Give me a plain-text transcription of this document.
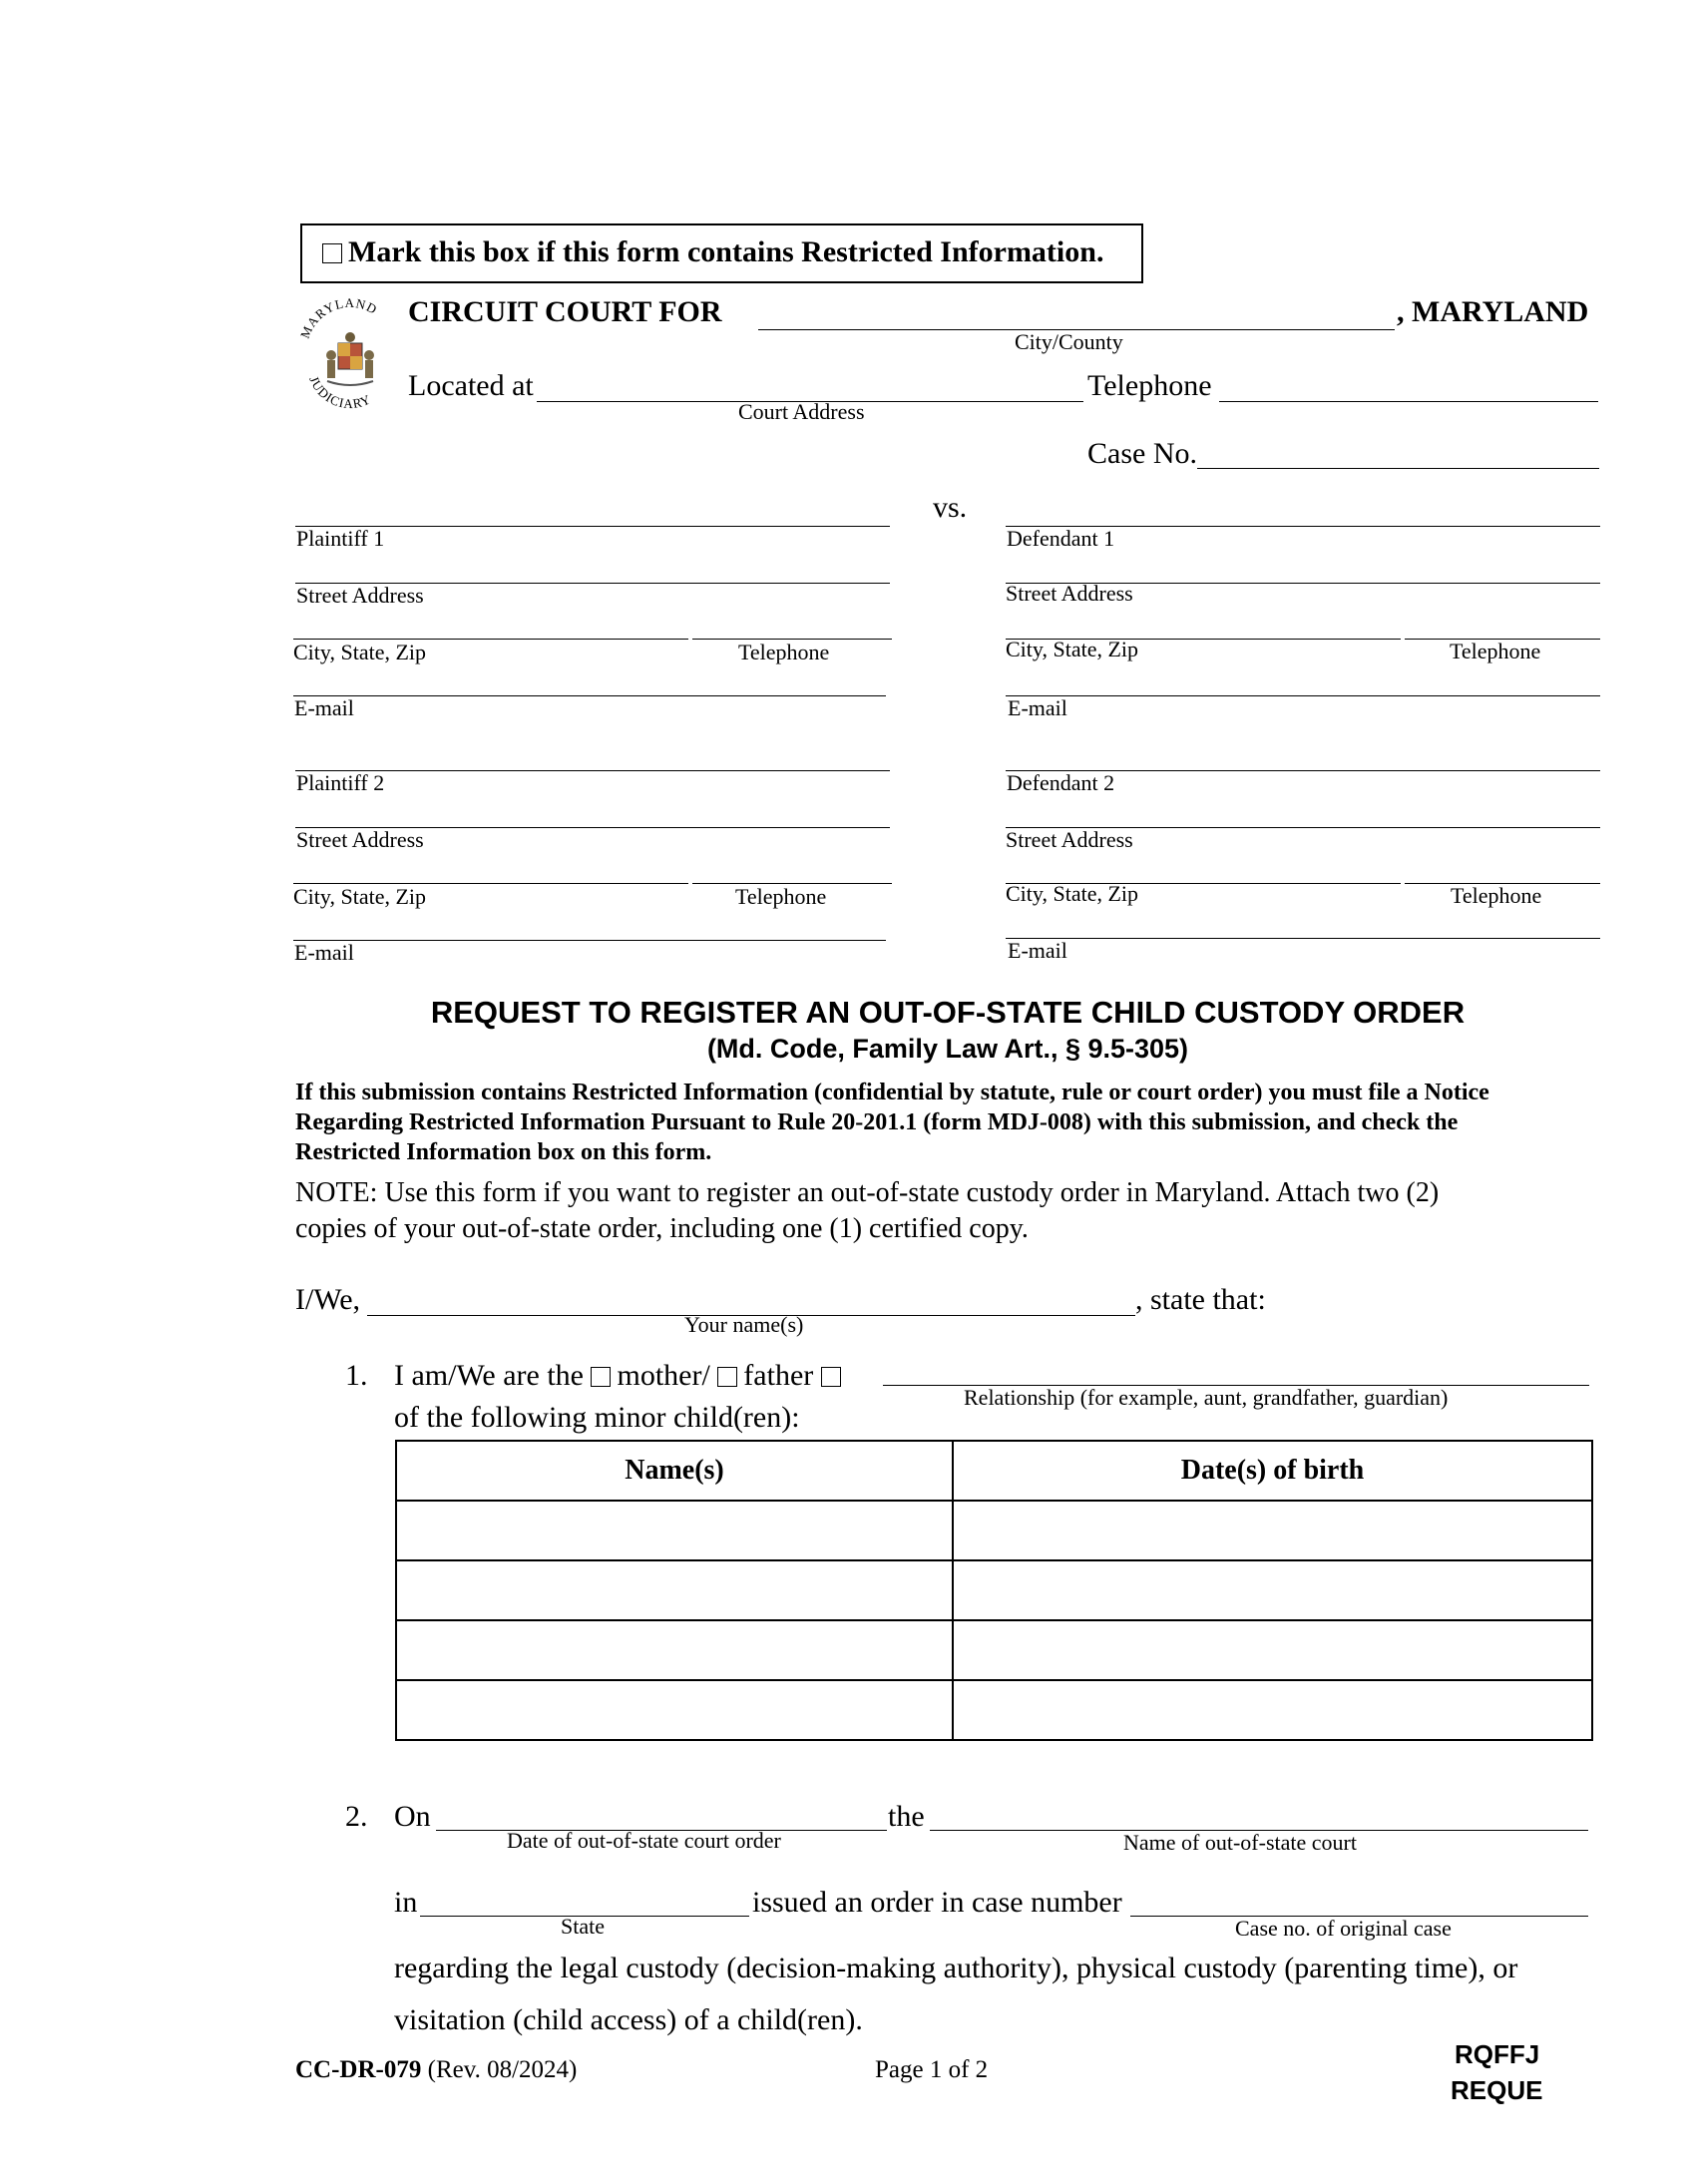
Mark this box if this form contains Restricted Information.
MARYLAND
JUDICIARY
CIRCUIT COURT FOR	, MARYLAND
City/County
Located at
Court Address
Telephone
Case No.
vs.
Plaintiff 1
Street Address
City, State, Zip	Telephone
E-mail
Defendant 1
Street Address
City, State, Zip	Telephone
E-mail
Plaintiff 2
Street Address
City, State, Zip	Telephone
E-mail
Defendant 2
Street Address
City, State, Zip	Telephone
E-mail
REQUEST TO REGISTER AN OUT-OF-STATE CHILD CUSTODY ORDER
(Md. Code, Family Law Art., § 9.5-305)
If this submission contains Restricted Information (confidential by statute, rule or court order) you must file a Notice
Regarding Restricted Information Pursuant to Rule 20-201.1 (form MDJ-008) with this submission, and check the
Restricted Information box on this form.
NOTE: Use this form if you want to register an out-of-state custody order in Maryland. Attach two (2)
copies of your out-of-state order, including one (1) certified copy.
I/We,	, state that:
Your name(s)
1. I am/We are the mother/ father
Relationship (for example, aunt, grandfather, guardian)
of the following minor child(ren):
Name(s)	Date(s) of birth

2. On	the
Date of out-of-state court order	Name of out-of-state court
in	issued an order in case number
State	Case no. of original case
regarding the legal custody (decision-making authority), physical custody (parenting time), or
visitation (child access) of a child(ren).
CC-DR-079 (Rev. 08/2024)	Page 1 of 2
RQFFJ
REQUE
